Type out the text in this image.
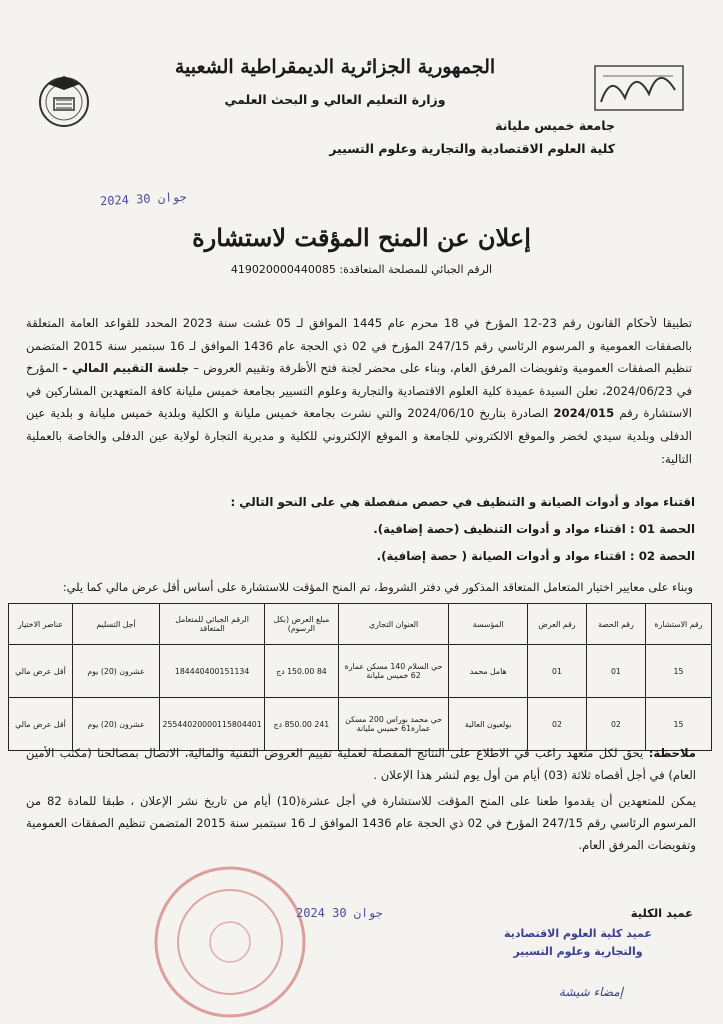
الجمهورية الجزائرية الديمقراطية الشعبية
وزارة التعليم العالي و البحث العلمي
جامعة خميس مليانة
كلية العلوم الاقتصادية والتجارية وعلوم التسيير
2024 جوان 30
إعلان عن المنح المؤقت لاستشارة
الرقم الجبائي للمصلحة المتعاقدة: 419020000440085

تطبيقا لأحكام القانون رقم 23-12 المؤرخ في 18 محرم عام 1445 الموافق لـ 05 غشت سنة 2023 المحدد للقواعد العامة المتعلقة بالصفقات العمومية و المرسوم الرئاسي رقم 247/15 المؤرخ في 02 ذي الحجة عام 1436 الموافق لـ 16 سبتمبر سنة 2015 المتضمن تنظيم الصفقات العمومية وتفويضات المرفق العام، وبناء على محضر لجنة فتح الأظرفة وتقييم العروض – جلسة التقييم المالي - المؤرخ في 2024/06/23، تعلن السيدة عميدة كلية العلوم الاقتصادية والتجارية وعلوم التسيير بجامعة خميس مليانة كافة المتعهدين المشاركين في الاستشارة رقم 2024/015 الصادرة بتاريخ 2024/06/10 والتي نشرت بجامعة خميس مليانة و الكلية وبلدية خميس مليانة و بلدية عين الدفلى وبلدية سيدي لخضر والموقع الالكتروني للجامعة و الموقع الإلكتروني للكلية و مديرية التجارة لولاية عين الدفلى والخاصة بالعملية التالية:

اقتناء مواد و أدوات الصيانة و التنظيف في حصص منفصلة هي على النحو التالي :
الحصة 01 : اقتناء مواد و أدوات التنظيف (حصة إضافية).
الحصة 02 : اقتناء مواد و أدوات الصيانة ( حصة إضافية).
وبناء على معايير اختيار المتعامل المتعاقد المذكور في دفتر الشروط، تم المنح المؤقت للاستشارة على أساس أقل عرض مالي كما يلي:
رقم الاستشارة	رقم الحصة	رقم العرض	المؤسسة	العنوان التجاري	مبلغ العرض (بكل الرسوم)	الرقم الجبائي للمتعامل المتعاقد	أجل التسليم	عناصر الاختيار
15	01	01	هامل محمد	حي السلام 140 مسكن عمارة 62 خميس مليانة	84 150.00 دج	184440400151134	عشرون (20) يوم	أقل عرض مالي
15	02	02	بولعيون العالية	حي محمد بوراس 200 مسكن عمارة61 خميس مليانة	241 850.00 دج	25544020000115804401	عشرون (20) يوم	أقل عرض مالي

ملاحظة: يحق لكل متعهد راغب في الاطلاع على النتائج المفصلة لعملية تقييم العروض التقنية والمالية، الاتصال بمصالحنا (مكتب الأمين العام) في أجل أقصاه ثلاثة (03) أيام من أول يوم لنشر هذا الإعلان .

يمكن للمتعهدين أن يقدموا طعنا على المنح المؤقت للاستشارة في أجل عشرة(10) أيام من تاريخ نشر الإعلان ، طبقا للمادة 82 من المرسوم الرئاسي رقم 247/15 المؤرخ في 02 ذي الحجة عام 1436 الموافق لـ 16 سبتمبر سنة 2015 المتضمن تنظيم الصفقات العمومية وتفويضات المرفق العام.

عميد الكلية
2024 جوان 30
عميد كلية العلوم الاقتصادية
والتجارية وعلوم التسيير
إمضاء شيشة
